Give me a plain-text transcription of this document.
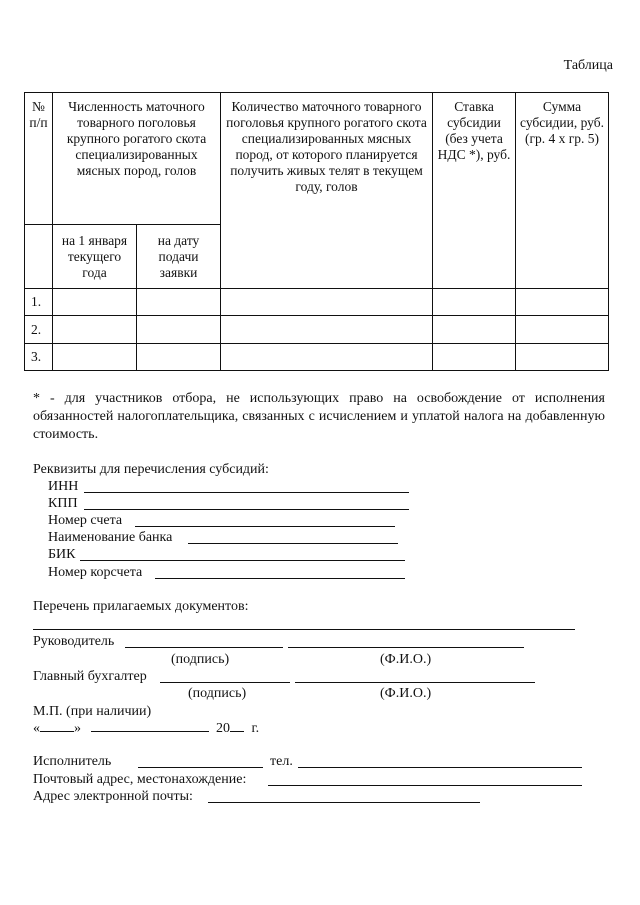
Таблица
№ п/п	Численность маточного товарного поголовья крупного рогатого скота специализированных мясных пород, голов		Количество маточного товарного поголовья крупного рогатого скота специализированных мясных пород, от которого планируется получить живых телят в текущем году, голов	Ставка субсидии (без учета НДС *), руб.	Сумма субсидии, руб. (гр. 4 х гр. 5)
	на 1 января текущего года	на дату подачи заявки			
1.					
2.					
3.					
* - для участников отбора, не использующих право на освобождение от исполнения обязанностей налогоплательщика, связанных с исчислением и уплатой налога на добавленную стоимость.
Реквизиты для перечисления субсидий:
ИНН
КПП
Номер счета
Наименование банка
БИК
Номер корсчета
Перечень прилагаемых документов:
Руководитель
(подпись)	(Ф.И.О.)
Главный бухгалтер
(подпись)	(Ф.И.О.)
М.П. (при наличии)
« »	20 г.
Исполнитель	тел.
Почтовый адрес, местонахождение:
Адрес электронной почты:
